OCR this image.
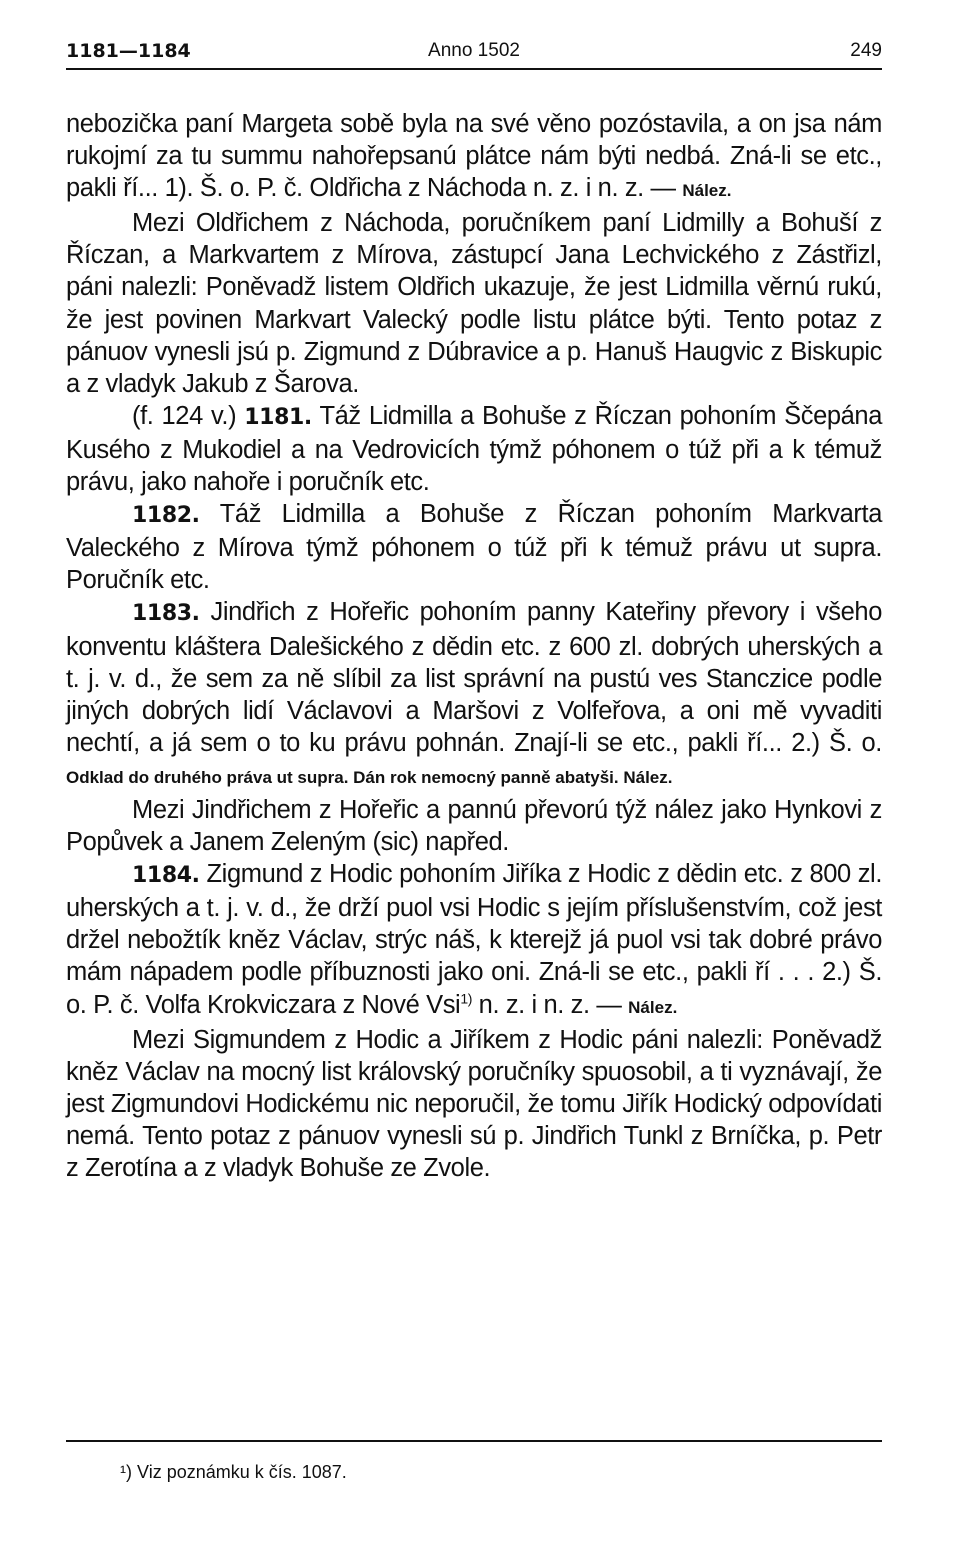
1181—1184	Anno 1502	249

nebozička paní Margeta sobě byla na své věno pozóstavila, a on jsa nám rukojmí za tu summu nahořepsanú plátce nám býti nedbá. Zná-li se etc., pakli ří... 1). Š. o. P. č. Oldřicha z Náchoda n. z. i n. z. — Nález.

Mezi Oldřichem z Náchoda, poručníkem paní Lidmilly a Bohuší z Říczan, a Markvartem z Mírova, zástupcí Jana Lechvického z Zástřizl, páni nalezli: Poněvadž listem Oldřich ukazuje, že jest Lidmilla věrnú rukú, že jest povinen Markvart Valecký podle listu plátce býti. Tento potaz z pánuov vynesli jsú p. Zigmund z Dúbravice a p. Hanuš Haugvic z Biskupic a z vladyk Jakub z Šarova.

(f. 124 v.) 1181. Táž Lidmilla a Bohuše z Říczan pohoním Ščepána Kusého z Mukodiel a na Vedrovicích týmž póhonem o túž při a k témuž právu, jako nahoře i poručník etc.

1182. Táž Lidmilla a Bohuše z Říczan pohoním Markvarta Valeckého z Mírova týmž póhonem o túž při k témuž právu ut supra. Poručník etc.

1183. Jindřich z Hořeřic pohoním panny Kateřiny převory i všeho konventu kláštera Dalešického z dědin etc. z 600 zl. dobrých uherských a t. j. v. d., že sem za ně slíbil za list správní na pustú ves Stanczice podle jiných dobrých lidí Václavovi a Maršovi z Volfeřova, a oni mě vyvaditi nechtí, a já sem o to ku právu pohnán. Znají-li se etc., pakli ří... 2.) Š. o. Odklad do druhého práva ut supra. Dán rok nemocný panně abatyši. Nález.

Mezi Jindřichem z Hořeřic a pannú převorú týž nález jako Hynkovi z Popůvek a Janem Zeleným (sic) napřed.

1184. Zigmund z Hodic pohoním Jiříka z Hodic z dědin etc. z 800 zl. uherských a t. j. v. d., že drží puol vsi Hodic s jejím příslušenstvím, což jest držel nebožtík kněz Václav, strýc náš, k kterejž já puol vsi tak dobré právo mám nápadem podle příbuznosti jako oni. Zná-li se etc., pakli ří . . . 2.) Š. o. P. č. Volfa Krokviczara z Nové Vsi$^{1)}$ n. z. i n. z. — Nález.

Mezi Sigmundem z Hodic a Jiříkem z Hodic páni nalezli: Poněvadž kněz Václav na mocný list královský poručníky spuosobil, a ti vyznávají, že jest Zigmundovi Hodickému nic neporučil, že tomu Jiřík Hodický odpovídati nemá. Tento potaz z pánuov vynesli sú p. Jindřich Tunkl z Brníčka, p. Petr z Zerotína a z vladyk Bohuše ze Zvole.

¹) Viz poznámku k čís. 1087.
